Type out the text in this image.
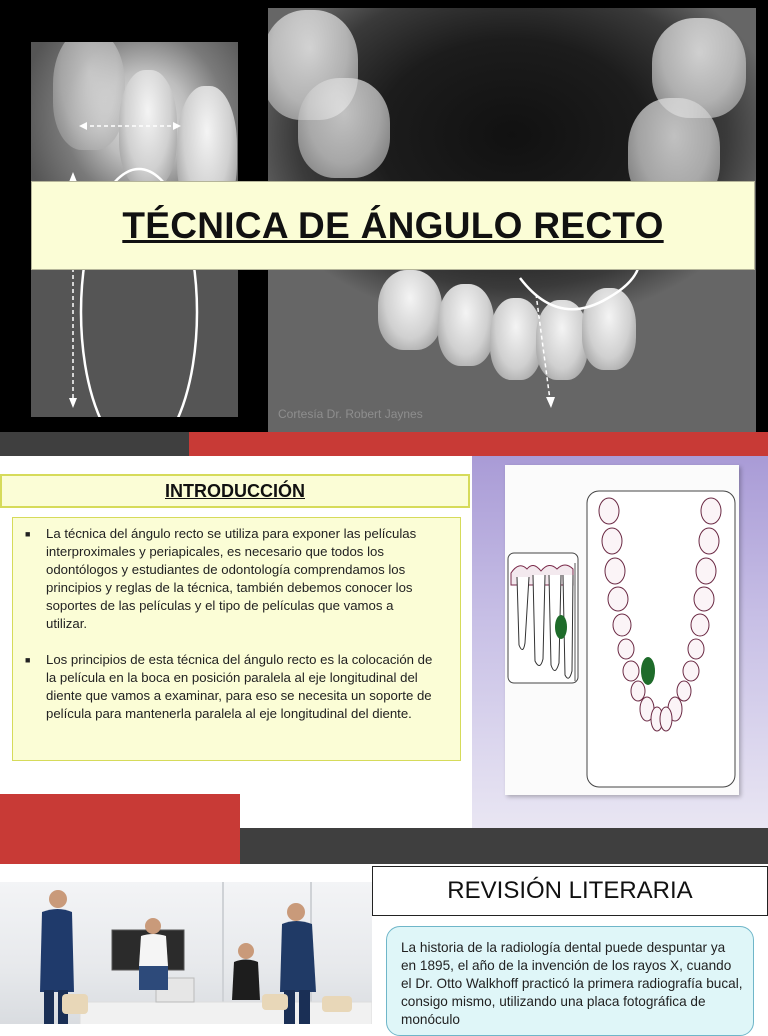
Cortesía Dr. Robert Jaynes
TÉCNICA DE ÁNGULO RECTO
INTRODUCCIÓN
■	La técnica del ángulo recto se utiliza para exponer las películas interproximales y periapicales, es necesario que todos los odontólogos y estudiantes de odontología comprendamos los principios y reglas de la técnica, también debemos conocer los soportes de las películas y el tipo de películas que vamos a utilizar.
■	Los principios de esta técnica del ángulo recto es la colocación de la película en la boca en posición paralela al eje longitudinal del diente que vamos a examinar, para eso se necesita un soporte de película para mantenerla paralela al eje longitudinal del diente.
REVISIÓN LITERARIA
La historia de la radiología dental puede despuntar ya en 1895, el año de la invención de los rayos X, cuando el Dr. Otto Walkhoff practicó la primera radiografía bucal, consigo mismo, utilizando una placa fotográfica de monóculo
